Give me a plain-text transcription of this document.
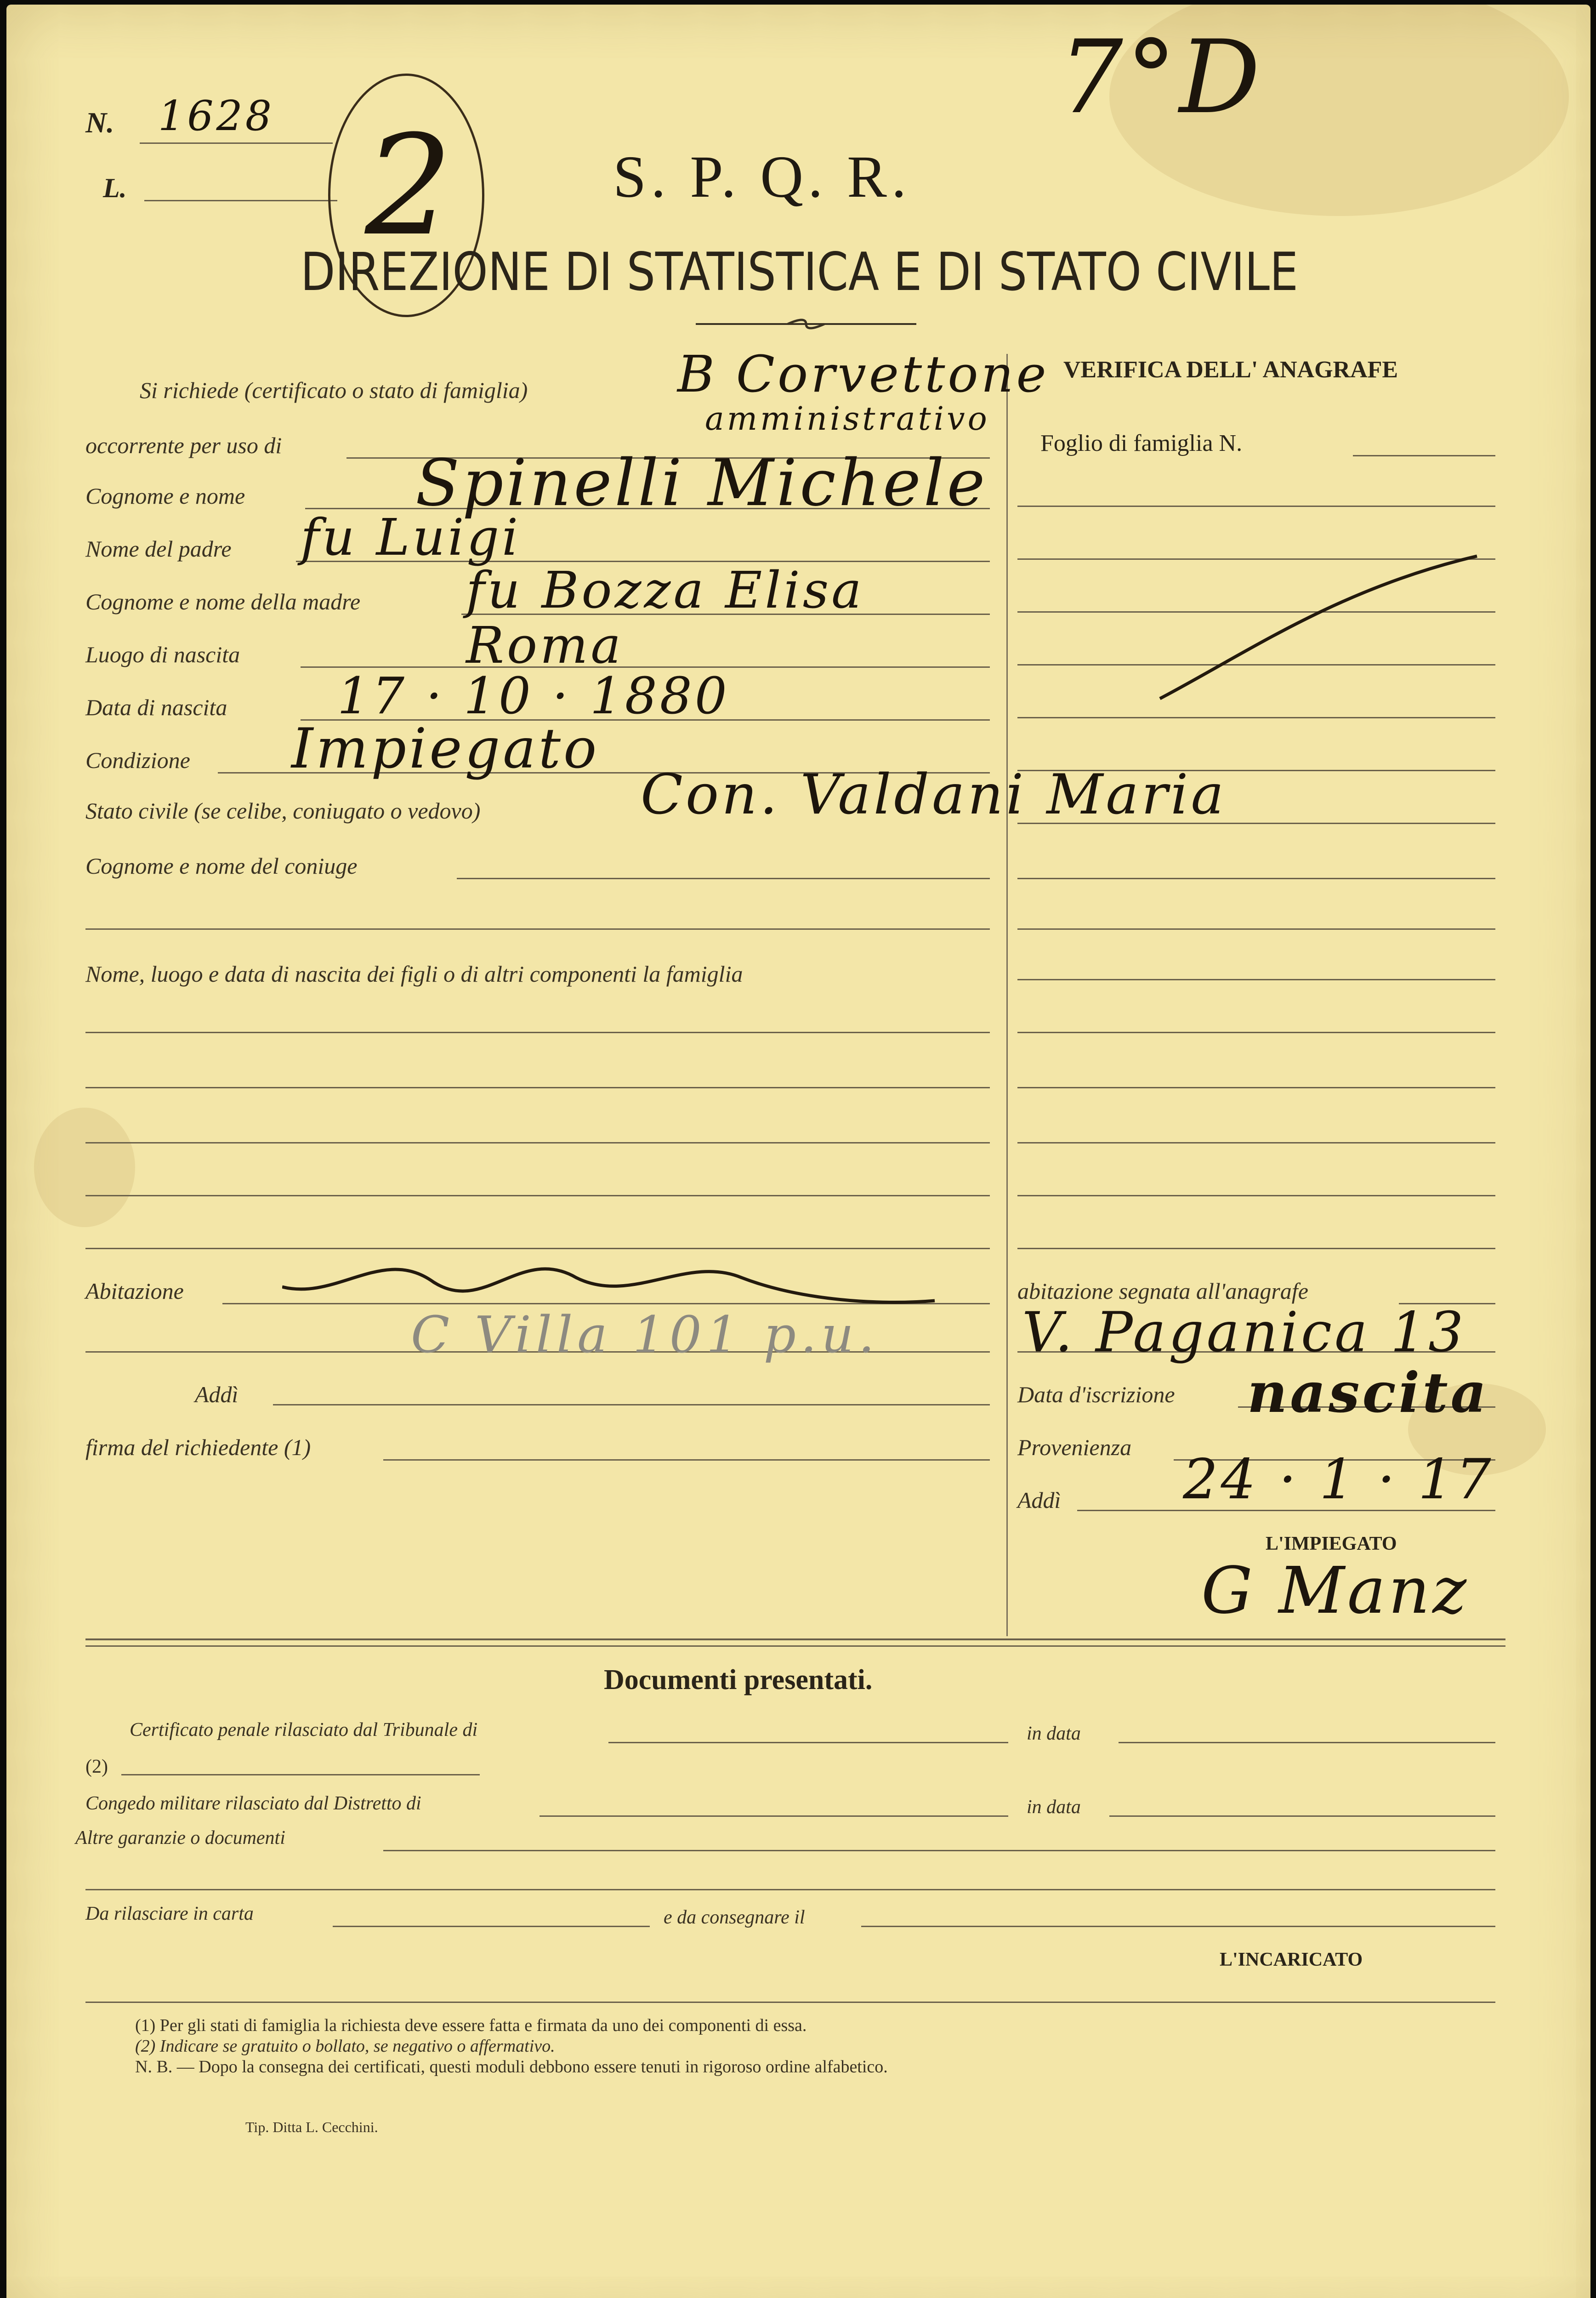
N. 1628
L. 2
7°D
S. P. Q. R.
DIREZIONE DI STATISTICA E DI STATO CIVILE
Si richiede (certificato o stato di famiglia)	B Corvettone
occorrente per uso di
amministrativo
Cognome e nome	Spinelli Michele
Nome del padre fu Luigi
Cognome e nome della madre fu Bozza Elisa
Luogo di nascita	Roma
Data di nascita 17 · 10 · 1880
Condizione Impiegato
Stato civile (se celibe, coniugato o vedovo)	Con. Valdani Maria
Cognome e nome del coniuge
Nome, luogo e data di nascita dei figli o di altri componenti la famiglia
Abitazione
C Villa 101 p.u.
Addì
firma del richiedente (1)
VERIFICA DELL' ANAGRAFE
Foglio di famiglia N.
abitazione segnata all'anagrafe
V. Paganica 13
Data d'iscrizione nascita
Provenienza
Addì 24 · 1 · 17
L'IMPIEGATO
G Manz
Documenti presentati.
Certificato penale rilasciato dal Tribunale di	in data
(2)
Congedo militare rilasciato dal Distretto di	in data
Altre garanzie o documenti
Da rilasciare in carta	e da consegnare il
L'INCARICATO
(1) Per gli stati di famiglia la richiesta deve essere fatta e firmata da uno dei componenti di essa.
(2) Indicare se gratuito o bollato, se negativo o affermativo.
N. B. — Dopo la consegna dei certificati, questi moduli debbono essere tenuti in rigoroso ordine alfabetico.
Tip. Ditta L. Cecchini.
